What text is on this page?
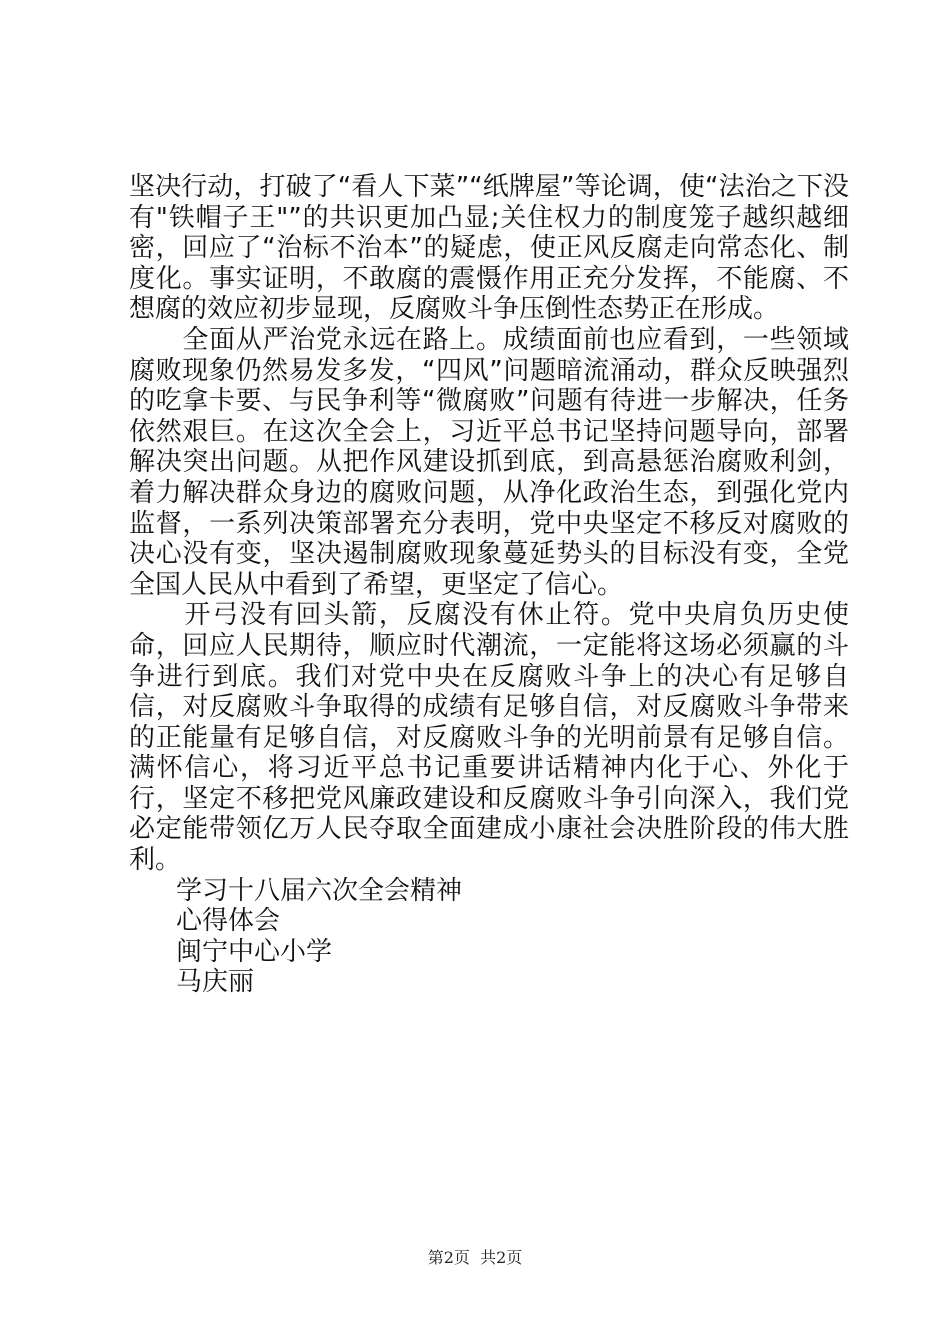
坚决行动，打破了“看人下菜”“纸牌屋”等论调，使“法治之下没有"铁帽子王"”的共识更加凸显;关住权力的制度笼子越织越细密，回应了“治标不治本”的疑虑，使正风反腐走向常态化、制度化。事实证明，不敢腐的震慑作用正充分发挥，不能腐、不想腐的效应初步显现，反腐败斗争压倒性态势正在形成。

　　全面从严治党永远在路上。成绩面前也应看到，一些领域腐败现象仍然易发多发，“四风”问题暗流涌动，群众反映强烈的吃拿卡要、与民争利等“微腐败”问题有待进一步解决，任务依然艰巨。在这次全会上，习近平总书记坚持问题导向，部署解决突出问题。从把作风建设抓到底，到高悬惩治腐败利剑，着力解决群众身边的腐败问题，从净化政治生态，到强化党内监督，一系列决策部署充分表明，党中央坚定不移反对腐败的决心没有变，坚决遏制腐败现象蔓延势头的目标没有变，全党全国人民从中看到了希望，更坚定了信心。

　　开弓没有回头箭，反腐没有休止符。党中央肩负历史使命，回应人民期待，顺应时代潮流，一定能将这场必须赢的斗争进行到底。我们对党中央在反腐败斗争上的决心有足够自信，对反腐败斗争取得的成绩有足够自信，对反腐败斗争带来的正能量有足够自信，对反腐败斗争的光明前景有足够自信。满怀信心，将习近平总书记重要讲话精神内化于心、外化于行，坚定不移把党风廉政建设和反腐败斗争引向深入，我们党必定能带领亿万人民夺取全面建成小康社会决胜阶段的伟大胜利。

学习十八届六次全会精神

心得体会

闽宁中心小学

马庆丽

第2页  共2页
